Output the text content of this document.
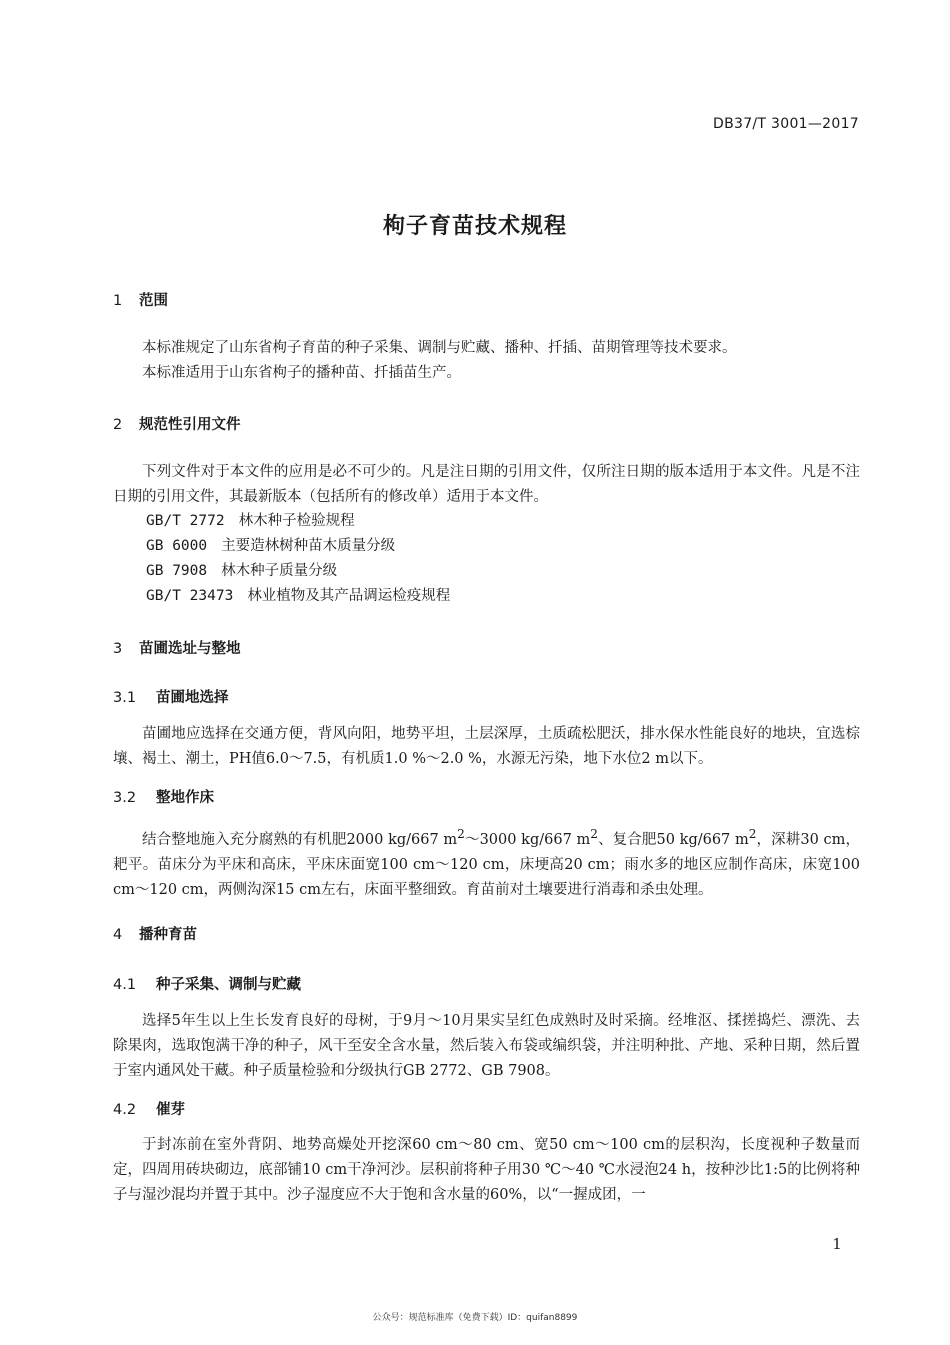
DB37/T 3001—2017
枸子育苗技术规程
1 范围
本标准规定了山东省枸子育苗的种子采集、调制与贮藏、播种、扦插、苗期管理等技术要求。
本标准适用于山东省枸子的播种苗、扦插苗生产。
2 规范性引用文件
下列文件对于本文件的应用是必不可少的。凡是注日期的引用文件，仅所注日期的版本适用于本文件。凡是不注日期的引用文件，其最新版本（包括所有的修改单）适用于本文件。
GB/T 2772 林木种子检验规程
GB 6000 主要造林树种苗木质量分级
GB 7908 林木种子质量分级
GB/T 23473 林业植物及其产品调运检疫规程
3 苗圃选址与整地
3.1 苗圃地选择
苗圃地应选择在交通方便，背风向阳，地势平坦，土层深厚，土质疏松肥沃，排水保水性能良好的地块，宜选棕壤、褐土、潮土，PH值6.0～7.5，有机质1.0 %～2.0 %，水源无污染，地下水位2 m以下。
3.2 整地作床
结合整地施入充分腐熟的有机肥2000 kg/667 $m^2\sim 3000$ kg/667 $m^2$、复合肥50 kg/667 $m^2$，深耕30 cm，耙平。苗床分为平床和高床，平床床面宽100 cm～120 cm，床埂高20 cm；雨水多的地区应制作高床，床宽100 cm～120 cm，两侧沟深15 cm左右，床面平整细致。育苗前对土壤要进行消毒和杀虫处理。
4 播种育苗
4.1 种子采集、调制与贮藏
选择5年生以上生长发育良好的母树，于9月～10月果实呈红色成熟时及时采摘。经堆沤、揉搓捣烂、漂洗、去除果肉，选取饱满干净的种子，风干至安全含水量，然后装入布袋或编织袋，并注明种批、产地、采种日期，然后置于室内通风处干藏。种子质量检验和分级执行GB 2772、GB 7908。
4.2 催芽
于封冻前在室外背阴、地势高燥处开挖深60 cm～80 cm、宽50 cm～100 cm的层积沟，长度视种子数量而定，四周用砖块砌边，底部铺10 cm干净河沙。层积前将种子用30 ℃～40 ℃水浸泡24 h，按种沙比1:5的比例将种子与湿沙混均并置于其中。沙子湿度应不大于饱和含水量的60%，以“一握成团，一
1
公众号：规范标准库（免费下载）ID：quifan8899
